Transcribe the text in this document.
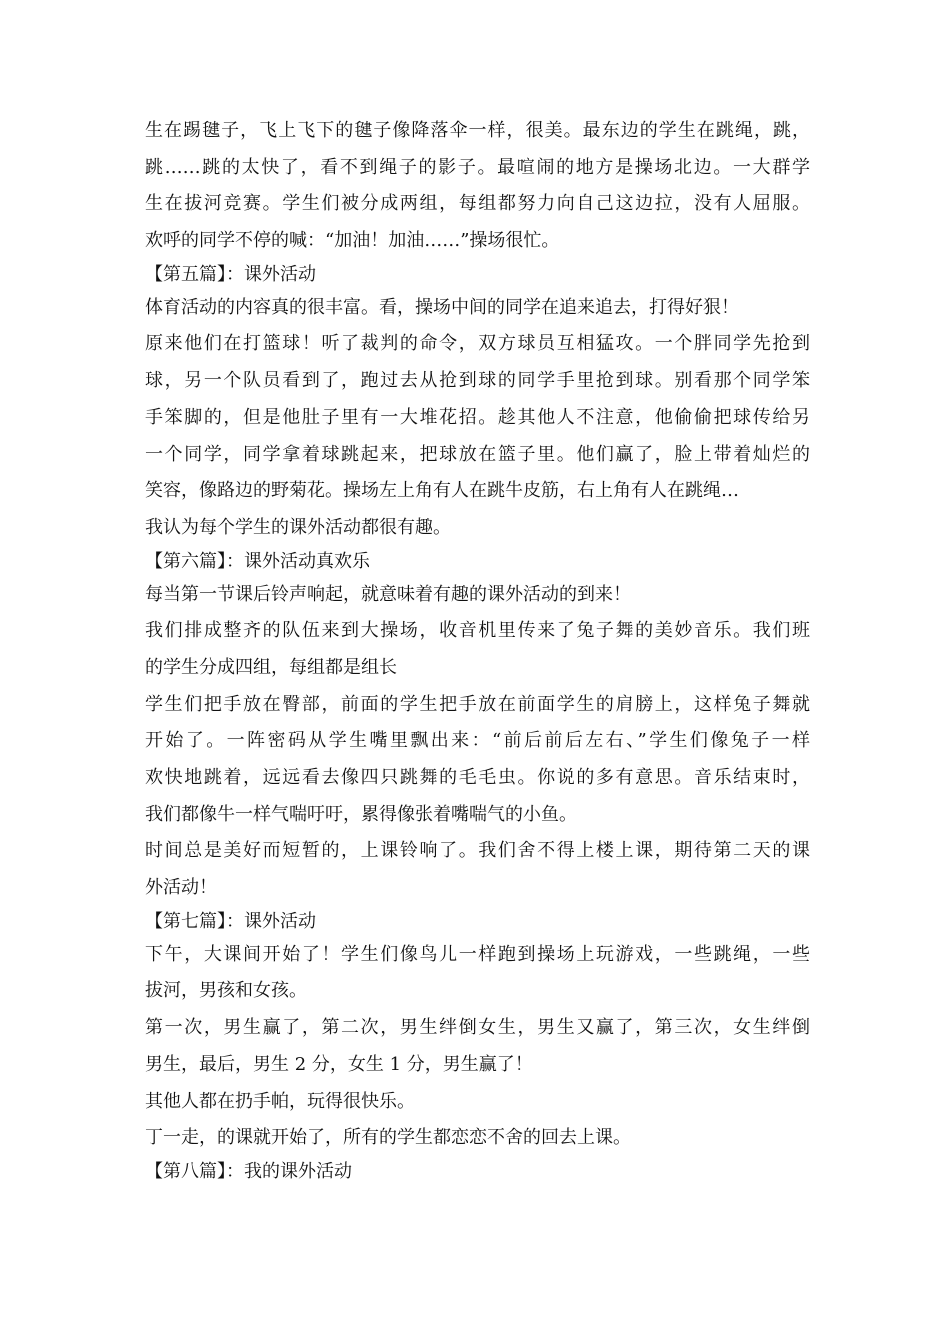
生在踢毽子，飞上飞下的毽子像降落伞一样，很美。最东边的学生在跳绳，跳，
跳……跳的太快了，看不到绳子的影子。最喧闹的地方是操场北边。一大群学
生在拔河竞赛。学生们被分成两组，每组都努力向自己这边拉，没有人屈服。
欢呼的同学不停的喊：“加油！加油……”操场很忙。
【第五篇】：课外活动
体育活动的内容真的很丰富。看，操场中间的同学在追来追去，打得好狠！
原来他们在打篮球！听了裁判的命令，双方球员互相猛攻。一个胖同学先抢到
球，另一个队员看到了，跑过去从抢到球的同学手里抢到球。别看那个同学笨
手笨脚的，但是他肚子里有一大堆花招。趁其他人不注意，他偷偷把球传给另
一个同学，同学拿着球跳起来，把球放在篮子里。他们赢了，脸上带着灿烂的
笑容，像路边的野菊花。操场左上角有人在跳牛皮筋，右上角有人在跳绳…
我认为每个学生的课外活动都很有趣。
【第六篇】：课外活动真欢乐
每当第一节课后铃声响起，就意味着有趣的课外活动的到来！
我们排成整齐的队伍来到大操场，收音机里传来了兔子舞的美妙音乐。我们班
的学生分成四组，每组都是组长
学生们把手放在臀部，前面的学生把手放在前面学生的肩膀上，这样兔子舞就
开始了。一阵密码从学生嘴里飘出来：“前后前后左右、”学生们像兔子一样
欢快地跳着，远远看去像四只跳舞的毛毛虫。你说的多有意思。音乐结束时，
我们都像牛一样气喘吁吁，累得像张着嘴喘气的小鱼。
时间总是美好而短暂的，上课铃响了。我们舍不得上楼上课，期待第二天的课
外活动！
【第七篇】：课外活动
下午，大课间开始了！学生们像鸟儿一样跑到操场上玩游戏，一些跳绳，一些
拔河，男孩和女孩。
第一次，男生赢了，第二次，男生绊倒女生，男生又赢了，第三次，女生绊倒
男生，最后，男生 2 分，女生 1 分，男生赢了！
其他人都在扔手帕，玩得很快乐。
丁一走，的课就开始了，所有的学生都恋恋不舍的回去上课。
【第八篇】：我的课外活动
